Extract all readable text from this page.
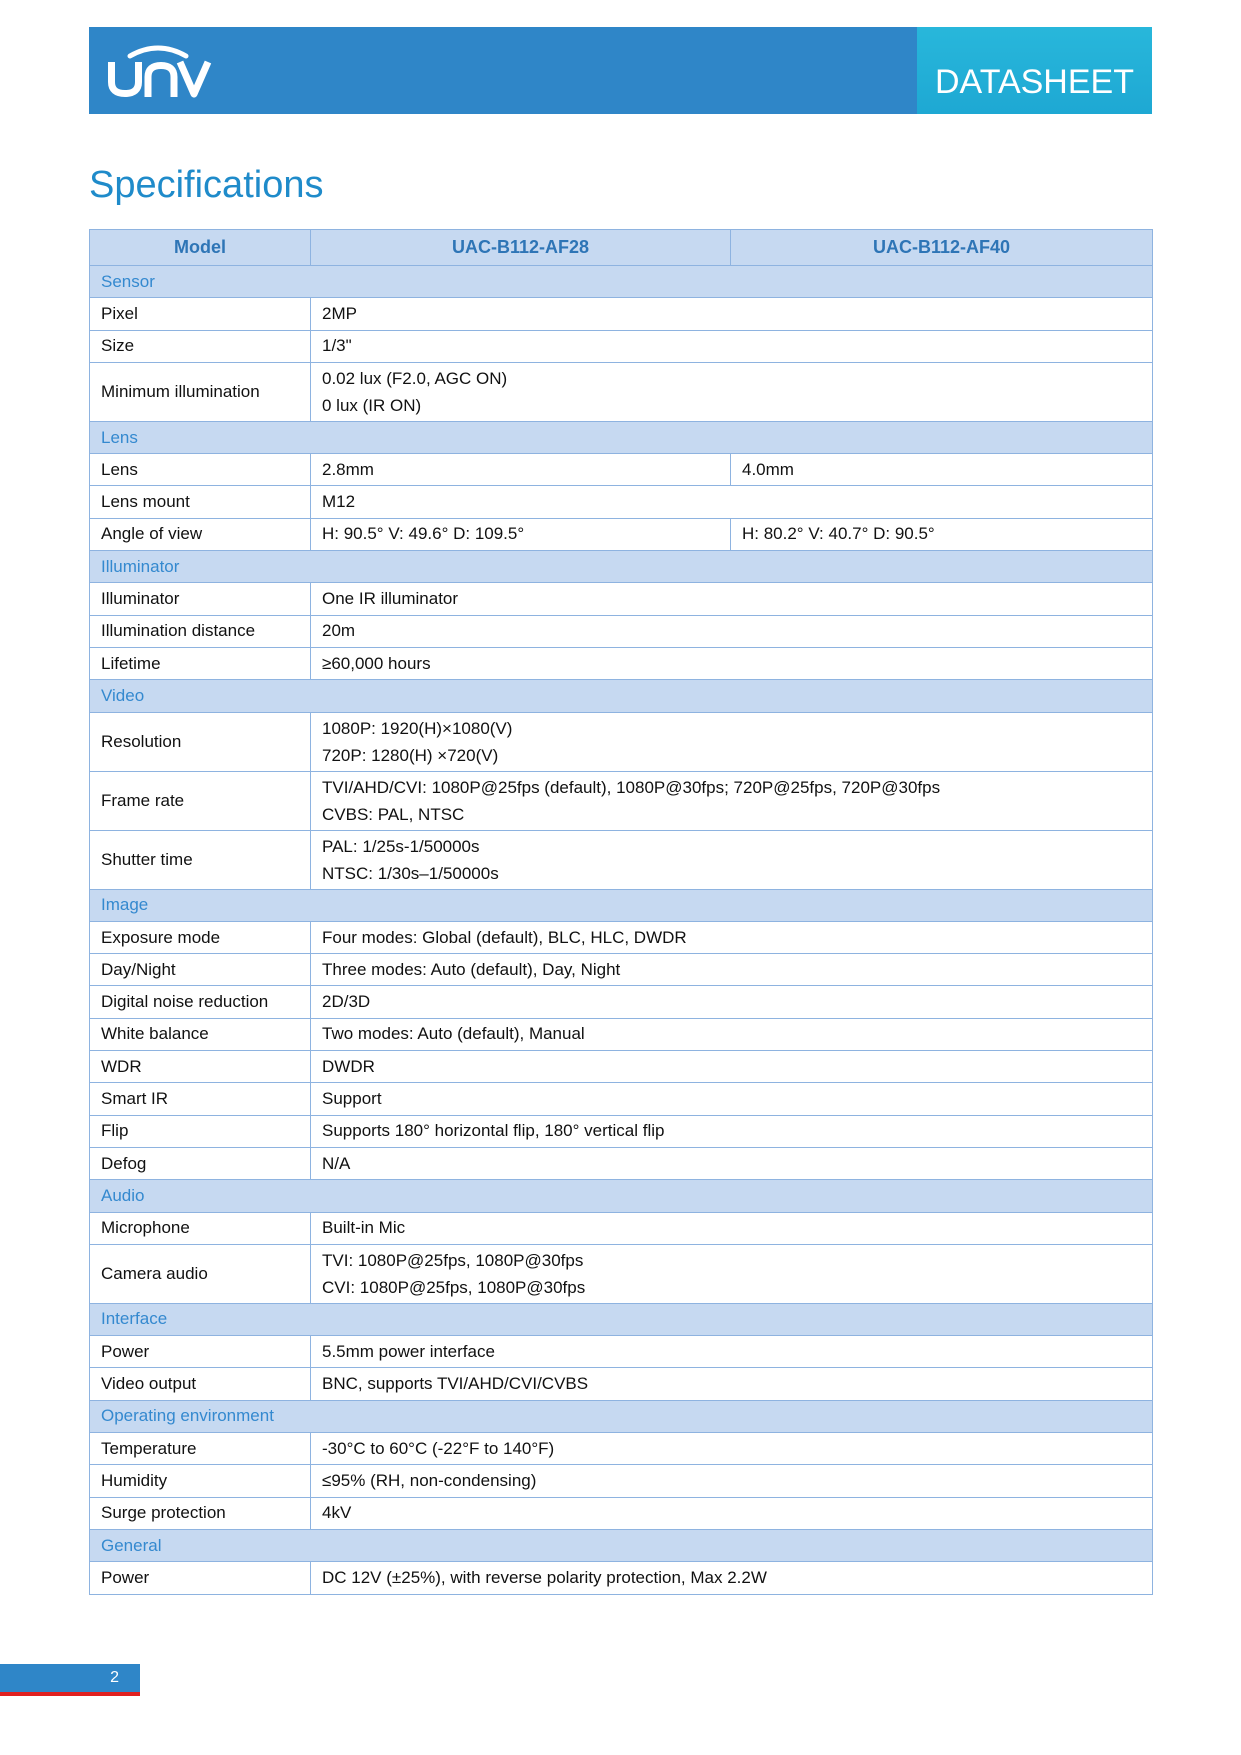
DATASHEET
Specifications
Model	UAC-B112-AF28	UAC-B112-AF40
Sensor		
Pixel	2MP	
Size	1/3"	
Minimum illumination	0.02 lux (F2.0, AGC ON)
0 lux (IR ON)	

Lens		
Lens	2.8mm	4.0mm
Lens mount	M12	
Angle of view	H: 90.5° V: 49.6° D: 109.5°	H: 80.2° V: 40.7° D: 90.5°
Illuminator		
Illuminator	One IR illuminator	
Illumination distance	20m	
Lifetime	≥60,000 hours	
Video		
Resolution	1080P: 1920(H)×1080(V)
720P: 1280(H) ×720(V)	

Frame rate	TVI/AHD/CVI: 1080P@25fps (default), 1080P@30fps; 720P@25fps, 720P@30fps
CVBS: PAL, NTSC	

Shutter time	PAL: 1/25s-1/50000s
NTSC: 1/30s–1/50000s	

Image		
Exposure mode	Four modes: Global (default), BLC, HLC, DWDR	
Day/Night	Three modes: Auto (default), Day, Night	
Digital noise reduction	2D/3D	
White balance	Two modes: Auto (default), Manual	
WDR	DWDR	
Smart IR	Support	
Flip	Supports 180° horizontal flip, 180° vertical flip	
Defog	N/A	
Audio		
Microphone	Built-in Mic	
Camera audio	TVI: 1080P@25fps, 1080P@30fps
CVI: 1080P@25fps, 1080P@30fps	

Interface		
Power	5.5mm power interface	
Video output	BNC, supports TVI/AHD/CVI/CVBS	
Operating environment		
Temperature	-30°C to 60°C (-22°F to 140°F)	
Humidity	≤95% (RH, non-condensing)	
Surge protection	4kV	
General		
Power	DC 12V (±25%), with reverse polarity protection, Max 2.2W	
2
